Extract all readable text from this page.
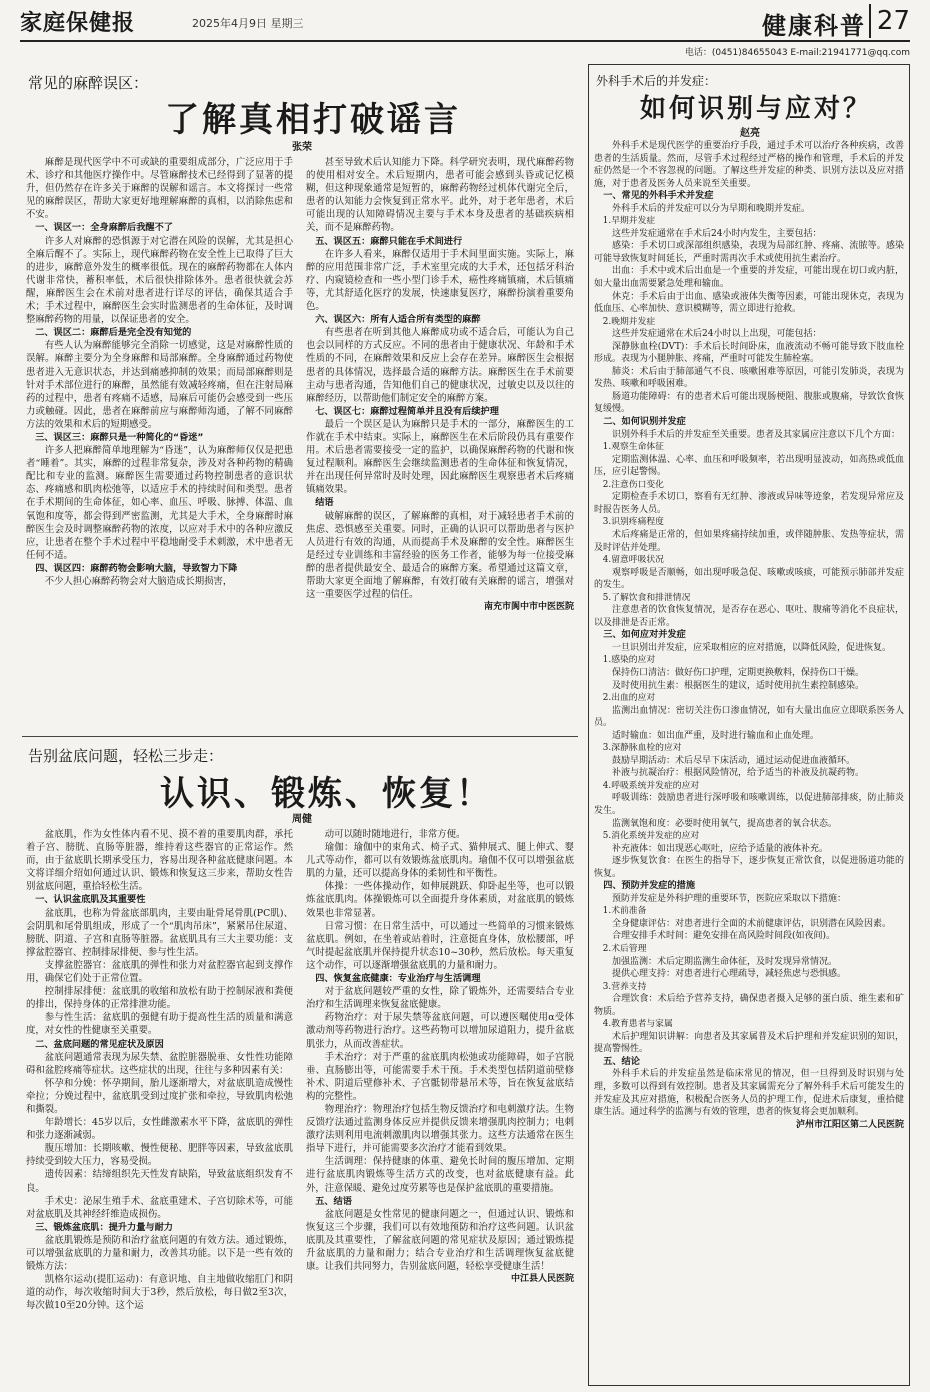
家庭保健报	2025年4月9日 星期三	健康科普 27
电话：(0451)84655043 E-mail:21941771@qq.com
常见的麻醉误区：
了解真相打破谣言
张荣

麻醉是现代医学中不可或缺的重要组成部分，广泛应用于手术、诊疗和其他医疗操作中。尽管麻醉技术已经得到了显著的提升，但仍然存在许多关于麻醉的误解和谣言。本文将探讨一些常见的麻醉误区，帮助大家更好地理解麻醉的真相，以消除焦虑和不安。

一、误区一：全身麻醉后我醒不了

许多人对麻醉的恐惧源于对它潜在风险的误解，尤其是担心全麻后醒不了。实际上，现代麻醉药物在安全性上已取得了巨大的进步，麻醉意外发生的概率很低。现在的麻醉药物都在人体内代谢非常快，蓄积率低，术后很快排除体外。患者很快就会苏醒，麻醉医生会在术前对患者进行详尽的评估，确保其适合手术；手术过程中，麻醉医生会实时监测患者的生命体征，及时调整麻醉药物的用量，以保证患者的安全。

二、误区二：麻醉后是完全没有知觉的

有些人认为麻醉能够完全消除一切感觉，这是对麻醉性质的误解。麻醉主要分为全身麻醉和局部麻醉。全身麻醉通过药物使患者进入无意识状态，并达到痛感抑制的效果；而局部麻醉则是针对手术部位进行的麻醉，虽然能有效减轻疼痛，但在注射局麻药的过程中，患者有疼痛不适感，局麻后可能仍会感受到一些压力或触碰。因此，患者在麻醉前应与麻醉师沟通，了解不同麻醉方法的效果和术后的短期感受。

三、误区三：麻醉只是一种简化的“昏迷”

许多人把麻醉简单地理解为“昏迷”，认为麻醉师仅仅是把患者“睡着”。其实，麻醉的过程非常复杂，涉及对各种药物的精确配比和专业的监测。麻醉医生需要通过药物控制患者的意识状态、疼痛感和肌肉松弛等，以适应手术的持续时间和类型。患者在手术期间的生命体征，如心率、血压、呼吸、脉搏、体温、血氧饱和度等，都会得到严密监测，尤其是大手术，全身麻醉时麻醉医生会及时调整麻醉药物的浓度，以应对手术中的各种应激反应，让患者在整个手术过程中平稳地耐受手术刺激，术中患者无任何不适。

四、误区四：麻醉药物会影响大脑，导致智力下降

不少人担心麻醉药物会对大脑造成长期损害，

甚至导致术后认知能力下降。科学研究表明，现代麻醉药物的使用相对安全。术后短期内，患者可能会感到头昏或记忆模糊，但这种现象通常是短暂的，麻醉药物经过机体代谢完全后，患者的认知能力会恢复到正常水平。此外，对于老年患者，术后可能出现的认知障碍情况主要与手术本身及患者的基础疾病相关，而不是麻醉药物。

五、误区五：麻醉只能在手术间进行

在许多人看来，麻醉仅适用于手术间里面实施。实际上，麻醉的应用范围非常广泛，手术室里完成的大手术，还包括牙科治疗、内窥镜检查和一些小型门诊手术，癌性疼痛镇痛，术后镇痛等，尤其舒适化医疗的发展，快速康复医疗，麻醉扮演着重要角色。

六、误区六：所有人适合所有类型的麻醉

有些患者在听到其他人麻醉成功或不适合后，可能认为自己也会以同样的方式反应。不同的患者由于健康状况、年龄和手术性质的不同，在麻醉效果和反应上会存在差异。麻醉医生会根据患者的具体情况，选择最合适的麻醉方法。麻醉医生在手术前要主动与患者沟通，告知他们自己的健康状况，过敏史以及以往的麻醉经历，以帮助他们制定安全的麻醉方案。

七、误区七：麻醉过程简单并且没有后续护理

最后一个误区是认为麻醉只是手术的一部分，麻醉医生的工作就在手术中结束。实际上，麻醉医生在术后阶段仍具有重要作用。术后患者需要接受一定的监护，以确保麻醉药物的代谢和恢复过程顺利。麻醉医生会继续监测患者的生命体征和恢复情况，并在出现任何异常时及时处理，因此麻醉医生观察患者术后疼痛镇痛效果。

结语

破解麻醉的误区，了解麻醉的真相，对于减轻患者手术前的焦虑、恐惧感至关重要。同时，正确的认识可以帮助患者与医护人员进行有效的沟通，从而提高手术及麻醉的安全性。麻醉医生是经过专业训练和丰富经验的医务工作者，能够为每一位接受麻醉的患者提供最安全、最适合的麻醉方案。希望通过这篇文章，帮助大家更全面地了解麻醉，有效打破有关麻醉的谣言，增强对这一重要医学过程的信任。

南充市阆中市中医医院

告别盆底问题，轻松三步走：
认识、锻炼、恢复！
周健

盆底肌，作为女性体内看不见、摸不着的重要肌肉群，承托着子宫、膀胱、直肠等脏器，维持着这些器官的正常运作。然而，由于盆底肌长期承受压力，容易出现各种盆底健康问题。本文将详细介绍如何通过认识、锻炼和恢复这三步来，帮助女性告别盆底问题，重拾轻松生活。

一、认识盆底肌及其重要性

盆底肌，也称为骨盆底部肌肉，主要由耻骨尾骨肌(PC肌)、会阴肌和尾骨肌组成，形成了一个“肌肉吊床”，紧紧吊住尿道、膀胱、阴道、子宫和直肠等脏器。盆底肌具有三大主要功能：支撑盆腔器官、控制排尿排便、参与性生活。

支撑盆腔器官：盆底肌的弹性和张力对盆腔器官起到支撑作用，确保它们处于正常位置。

控制排尿排便：盆底肌的收缩和放松有助于控制尿液和粪便的排出，保持身体的正常排泄功能。

参与性生活：盆底肌的强健有助于提高性生活的质量和满意度，对女性的性健康至关重要。

二、盆底问题的常见症状及原因

盆底问题通常表现为尿失禁、盆腔脏器脱垂、女性性功能障碍和盆腔疼痛等症状。这些症状的出现，往往与多种因素有关：

怀孕和分娩：怀孕期间，胎儿逐渐增大，对盆底肌造成慢性牵拉；分娩过程中，盆底肌受到过度扩张和牵拉，导致肌肉松弛和撕裂。

年龄增长：45岁以后，女性雌激素水平下降，盆底肌的弹性和张力逐渐减弱。

腹压增加：长期咳嗽、慢性便秘、肥胖等因素，导致盆底肌持续受到较大压力，容易受损。

遗传因素：结缔组织先天性发育缺陷，导致盆底组织发育不良。

手术史：泌尿生殖手术、盆底重建术、子宫切除术等，可能对盆底肌及其神经纤维造成损伤。

三、锻炼盆底肌：提升力量与耐力

盆底肌锻炼是预防和治疗盆底问题的有效方法。通过锻炼，可以增强盆底肌的力量和耐力，改善其功能。以下是一些有效的锻炼方法：

凯格尔运动(提肛运动)：有意识地、自主地做收缩肛门和阴道的动作，每次收缩时间大于3秒，然后放松，每日做2至3次，每次做10至20分钟。这个运

动可以随时随地进行，非常方便。

瑜伽：瑜伽中的束角式、椅子式、猫伸展式、腿上伸式、婴儿式等动作，都可以有效锻炼盆底肌肉。瑜伽不仅可以增强盆底肌的力量，还可以提高身体的柔韧性和平衡性。

体操：一些体操动作，如伸展跳跃、仰卧起坐等，也可以锻炼盆底肌肉。体操锻炼可以全面提升身体素质，对盆底肌的锻炼效果也非常显著。

日常习惯：在日常生活中，可以通过一些简单的习惯来锻炼盆底肌。例如，在坐着或站着时，注意挺直身体，放松腰部，呼气时提起盆底肌并保持提升状态10~30秒，然后放松。每天重复这个动作，可以逐渐增强盆底肌的力量和耐力。

四、恢复盆底健康：专业治疗与生活调理

对于盆底问题较严重的女性，除了锻炼外，还需要结合专业治疗和生活调理来恢复盆底健康。

药物治疗：对于尿失禁等盆底问题，可以遵医嘱使用α受体激动剂等药物进行治疗。这些药物可以增加尿道阻力，提升盆底肌张力，从而改善症状。

手术治疗：对于严重的盆底肌肉松弛或功能障碍，如子宫脱垂、直肠膨出等，可能需要手术干预。手术类型包括阴道前壁修补术、阴道后壁修补术、子宫骶韧带悬吊术等，旨在恢复盆底结构的完整性。

物理治疗：物理治疗包括生物反馈治疗和电刺激疗法。生物反馈疗法通过监测身体反应并提供反馈来增强肌肉控制力；电刺激疗法则利用电流刺激肌肉以增强其张力。这些方法通常在医生指导下进行，并可能需要多次治疗才能看到效果。

生活调理：保持健康的体重、避免长时间的腹压增加、定期进行盆底肌肉锻炼等生活方式的改变，也对盆底健康有益。此外，注意保暖、避免过度劳累等也是保护盆底肌的重要措施。

五、结语

盆底问题是女性常见的健康问题之一，但通过认识、锻炼和恢复这三个步骤，我们可以有效地预防和治疗这些问题。认识盆底肌及其重要性，了解盆底问题的常见症状及原因；通过锻炼提升盆底肌的力量和耐力；结合专业治疗和生活调理恢复盆底健康。让我们共同努力，告别盆底问题，轻松享受健康生活！

中江县人民医院

外科手术后的并发症：
如何识别与应对？
赵亮

外科手术是现代医学的重要治疗手段，通过手术可以治疗各种疾病，改善患者的生活质量。然而，尽管手术过程经过严格的操作和管理，手术后的并发症仍然是一个不容忽视的问题。了解这些并发症的种类、识别方法以及应对措施，对于患者及医务人员来说至关重要。

一、常见的外科手术并发症

外科手术后的并发症可以分为早期和晚期并发症。

1.早期并发症

这些并发症通常在手术后24小时内发生，主要包括：

感染：手术切口或深部组织感染，表现为局部红肿、疼痛、流脓等。感染可能导致恢复时间延长，严重时需再次手术或使用抗生素治疗。

出血：手术中或术后出血是一个重要的并发症，可能出现在切口或内脏，如大量出血需要紧急处理和输血。

休克：手术后由于出血、感染或液体失衡等因素，可能出现休克，表现为低血压、心率加快、意识模糊等，需立即进行抢救。

2.晚期并发症

这些并发症通常在术后24小时以上出现，可能包括：

深静脉血栓(DVT)：手术后长时间卧床，血液流动不畅可能导致下肢血栓形成。表现为小腿肿胀、疼痛，严重时可能发生肺栓塞。

肺炎：术后由于肺部通气不良、咳嗽困难等原因，可能引发肺炎，表现为发热、咳嗽和呼吸困难。

肠道功能障碍：有的患者术后可能出现肠梗阻、腹胀或腹痛，导致饮食恢复缓慢。

二、如何识别并发症

识别外科手术后的并发症至关重要。患者及其家属应注意以下几个方面：

1.观察生命体征

定期监测体温、心率、血压和呼吸频率，若出现明显波动，如高热或低血压，应引起警惕。

2.注意伤口变化

定期检查手术切口，察看有无红肿、渗液或异味等迹象，若发现异常应及时报告医务人员。

3.识别疼痛程度

术后疼痛是正常的，但如果疼痛持续加重，或伴随肿胀、发热等症状，需及时评估并处理。

4.留意呼吸状况

观察呼吸是否顺畅，如出现呼吸急促、咳嗽或咳痰，可能预示肺部并发症的发生。

5.了解饮食和排泄情况

注意患者的饮食恢复情况，是否存在恶心、呕吐、腹痛等消化不良症状，以及排泄是否正常。

三、如何应对并发症

一旦识别出并发症，应采取相应的应对措施，以降低风险，促进恢复。

1.感染的应对

保持伤口清洁：做好伤口护理，定期更换敷料，保持伤口干燥。

及时使用抗生素：根据医生的建议，适时使用抗生素控制感染。

2.出血的应对

监测出血情况：密切关注伤口渗血情况，如有大量出血应立即联系医务人员。

适时输血：如出血严重，及时进行输血和止血处理。

3.深静脉血栓的应对

鼓励早期活动：术后尽早下床活动，通过运动促进血液循环。

补液与抗凝治疗：根据风险情况，给予适当的补液及抗凝药物。

4.呼吸系统并发症的应对

呼吸训练：鼓励患者进行深呼吸和咳嗽训练，以促进肺部排痰，防止肺炎发生。

监测氧饱和度：必要时使用氧气，提高患者的氧合状态。

5.消化系统并发症的应对

补充液体：如出现恶心呕吐，应给予适量的液体补充。

逐步恢复饮食：在医生的指导下，逐步恢复正常饮食，以促进肠道功能的恢复。

四、预防并发症的措施

预防并发症是外科护理的重要环节，医院应采取以下措施：

1.术前准备

全身健康评估：对患者进行全面的术前健康评估，识别潜在风险因素。

合理安排手术时间：避免安排在高风险时间段(如夜间)。

2.术后管理

加强监测：术后定期监测生命体征，及时发现异常情况。

提供心理支持：对患者进行心理疏导，减轻焦虑与恐惧感。

3.营养支持

合理饮食：术后给予营养支持，确保患者摄入足够的蛋白质、维生素和矿物质。

4.教育患者与家属

术后护理知识讲解：向患者及其家属普及术后护理和并发症识别的知识，提高警惕性。

五、结论

外科手术后的并发症虽然是临床常见的情况，但一旦得到及时识别与处理，多数可以得到有效控制。患者及其家属需充分了解外科手术后可能发生的并发症及其应对措施，积极配合医务人员的护理工作，促进术后康复，重拾健康生活。通过科学的监测与有效的管理，患者的恢复将会更加顺利。

泸州市江阳区第二人民医院
